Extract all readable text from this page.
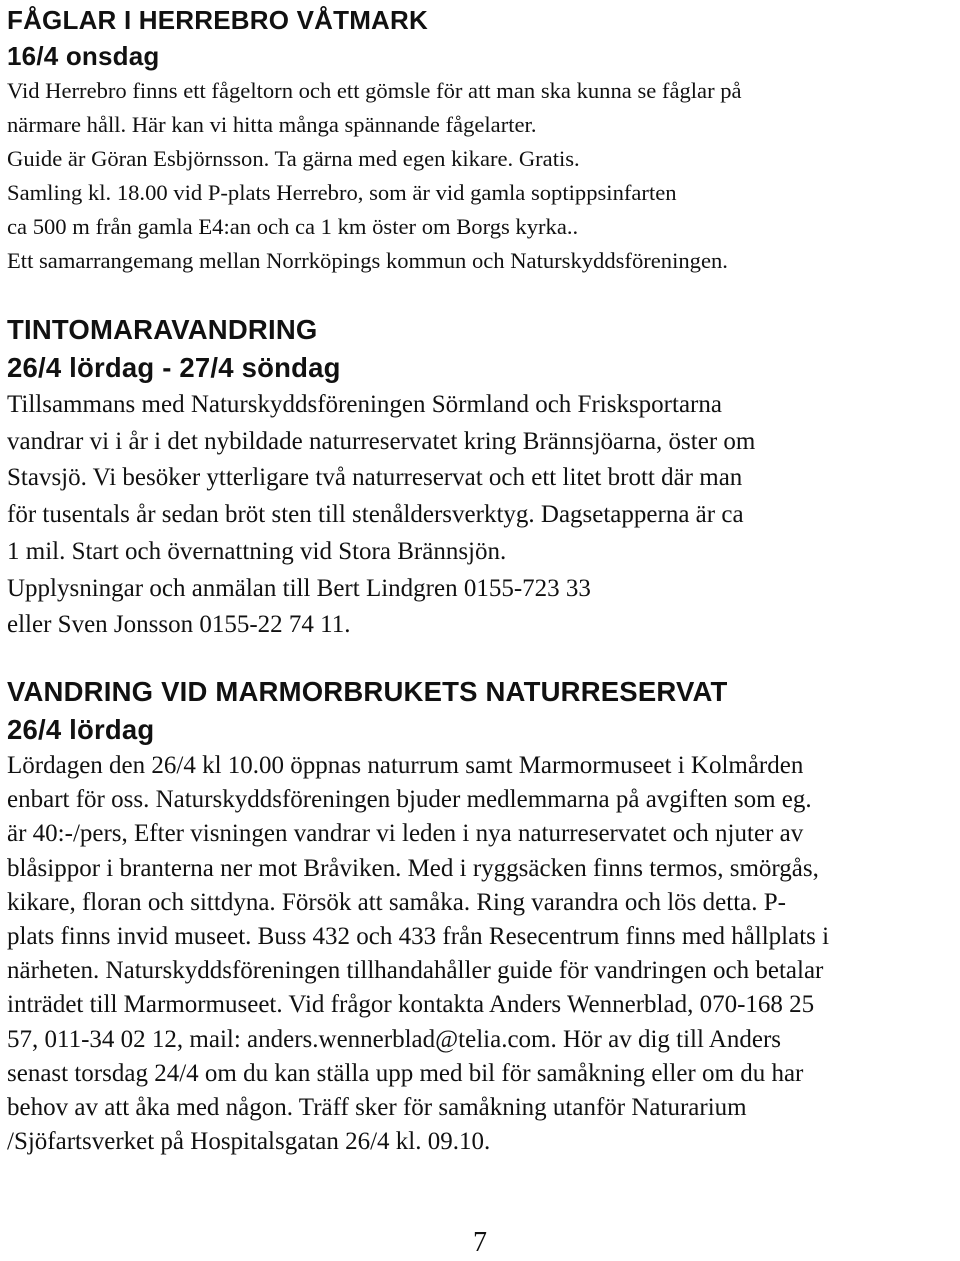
FÅGLAR I HERREBRO VÅTMARK
16/4 onsdag
Vid Herrebro finns ett fågeltorn och ett gömsle för att man ska kunna se fåglar på
närmare håll. Här kan vi hitta många spännande fågelarter.
Guide är Göran Esbjörnsson. Ta gärna med egen kikare. Gratis.
Samling kl. 18.00 vid P-plats Herrebro, som är vid gamla soptippsinfarten
ca 500 m från gamla E4:an och ca 1 km öster om Borgs kyrka..
Ett samarrangemang mellan Norrköpings kommun och Naturskyddsföreningen.
TINTOMARAVANDRING
26/4 lördag - 27/4 söndag
Tillsammans med Naturskyddsföreningen Sörmland och Frisksportarna
vandrar vi i år i det nybildade naturreservatet kring Brännsjöarna, öster om
Stavsjö. Vi besöker ytterligare två naturreservat och ett litet brott där man
för tusentals år sedan bröt sten till stenåldersverktyg. Dagsetapperna är ca
1 mil. Start och övernattning vid Stora Brännsjön.
Upplysningar och anmälan till Bert Lindgren 0155-723 33
eller Sven Jonsson 0155-22 74 11.
VANDRING VID MARMORBRUKETS NATURRESERVAT
26/4 lördag
Lördagen den 26/4 kl 10.00 öppnas naturrum samt Marmormuseet i Kolmården
enbart för oss. Naturskyddsföreningen bjuder medlemmarna på avgiften som eg.
är 40:-/pers, Efter visningen vandrar vi leden i nya naturreservatet och njuter av
blåsippor i branterna ner mot Bråviken. Med i ryggsäcken finns termos, smörgås,
kikare, floran och sittdyna. Försök att samåka. Ring varandra och lös detta. P-
plats finns invid museet. Buss 432 och 433 från Resecentrum finns med hållplats i
närheten. Naturskyddsföreningen tillhandahåller guide för vandringen och betalar
inträdet till Marmormuseet. Vid frågor kontakta Anders Wennerblad, 070-168 25
57, 011-34 02 12, mail: anders.wennerblad@telia.com. Hör av dig till Anders
senast torsdag 24/4 om du kan ställa upp med bil för samåkning eller om du har
behov av att åka med någon. Träff sker för samåkning utanför Naturarium
/Sjöfartsverket på Hospitalsgatan 26/4 kl. 09.10.
7
